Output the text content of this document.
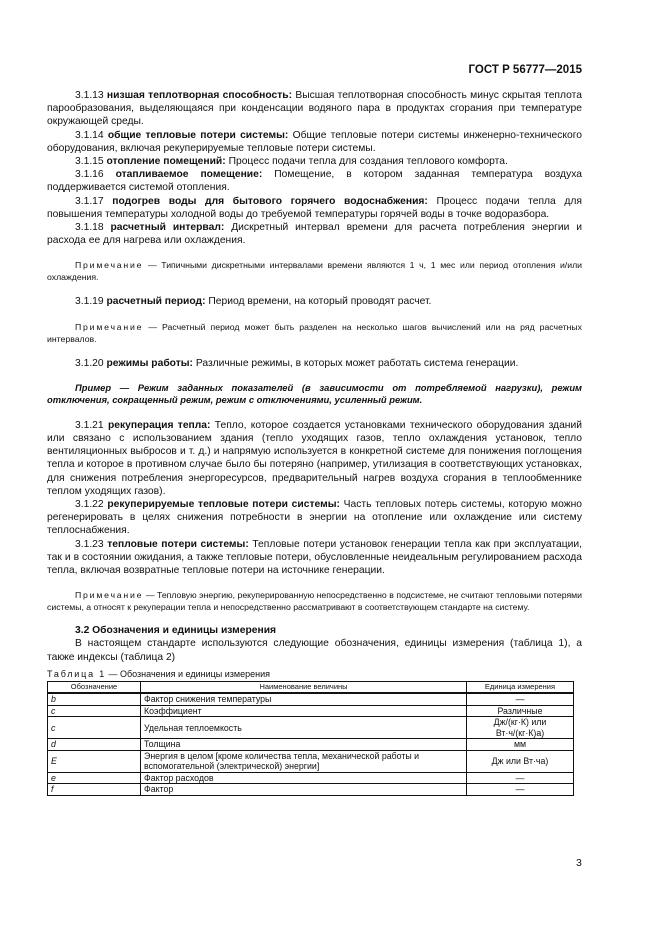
ГОСТ Р 56777—2015

3.1.13 низшая теплотворная способность: Высшая теплотворная способность минус скрытая теплота парообразования, выделяющаяся при конденсации водяного пара в продуктах сгорания при температуре окружающей среды.

3.1.14 общие тепловые потери системы: Общие тепловые потери системы инженерно-технического оборудования, включая рекуперируемые тепловые потери системы.

3.1.15 отопление помещений: Процесс подачи тепла для создания теплового комфорта.

3.1.16 отапливаемое помещение: Помещение, в котором заданная температура воздуха поддерживается системой отопления.

3.1.17 подогрев воды для бытового горячего водоснабжения: Процесс подачи тепла для повышения температуры холодной воды до требуемой температуры горячей воды в точке водоразбора.

3.1.18 расчетный интервал: Дискретный интервал времени для расчета потребления энергии и расхода ее для нагрева или охлаждения.

Примечание — Типичными дискретными интервалами времени являются 1 ч, 1 мес или период отопления и/или охлаждения.

3.1.19 расчетный период: Период времени, на который проводят расчет.

Примечание — Расчетный период может быть разделен на несколько шагов вычислений или на ряд расчетных интервалов.

3.1.20 режимы работы: Различные режимы, в которых может работать система генерации.

Пример — Режим заданных показателей (в зависимости от потребляемой нагрузки), режим отключения, сокращенный режим, режим с отключениями, усиленный режим.

3.1.21 рекуперация тепла: Тепло, которое создается установками технического оборудования зданий или связано с использованием здания (тепло уходящих газов, тепло охлаждения установок, тепло вентиляционных выбросов и т. д.) и напрямую используется в конкретной системе для понижения поглощения тепла и которое в противном случае было бы потеряно (например, утилизация в соответствующих установках, для снижения потребления энергоресурсов, предварительный нагрев воздуха сгорания в теплообменнике теплом уходящих газов).

3.1.22 рекуперируемые тепловые потери системы: Часть тепловых потерь системы, которую можно регенерировать в целях снижения потребности в энергии на отопление или охлаждение или систему теплоснабжения.

3.1.23 тепловые потери системы: Тепловые потери установок генерации тепла как при эксплуатации, так и в состоянии ожидания, а также тепловые потери, обусловленные неидеальным регулированием расхода тепла, включая возвратные тепловые потери на источнике генерации.

Примечание — Тепловую энергию, рекуперированную непосредственно в подсистеме, не считают тепловыми потерями системы, а относят к рекуперации тепла и непосредственно рассматривают в соответствующем стандарте на систему.

3.2 Обозначения и единицы измерения

В настоящем стандарте используются следующие обозначения, единицы измерения (таблица 1), а также индексы (таблица 2)

Таблица 1 — Обозначения и единицы измерения
Обозначение	Наименование величины	Единица измерения
b	Фактор снижения температуры	—
c	Коэффициент	Различные
c	Удельная теплоемкость	Дж/(кг·К) или Вт·ч/(кг·К)а)
d	Толщина	мм
E	Энергия в целом [кроме количества тепла, механической работы и вспомогательной (электрической) энергии]	Дж или Вт·ча)
e	Фактор расходов	—
f	Фактор	—
3
